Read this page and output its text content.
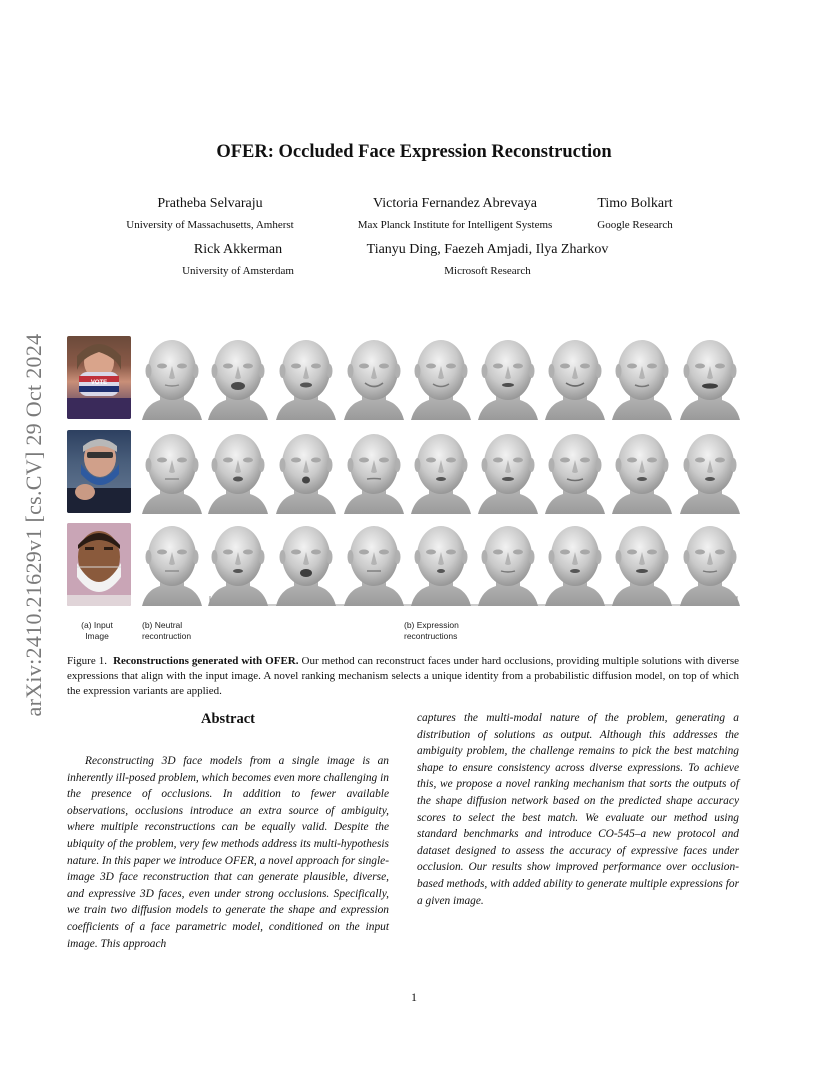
arXiv:2410.21629v1 [cs.CV] 29 Oct 2024
OFER: Occluded Face Expression Reconstruction
Pratheba Selvaraju
University of Massachusetts, Amherst
Victoria Fernandez Abrevaya
Max Planck Institute for Intelligent Systems
Timo Bolkart
Google Research
Rick Akkerman
University of Amsterdam
Tianyu Ding, Faezeh Amjadi, Ilya Zharkov
Microsoft Research
VOTE
(a) Input
Image
(b) Neutral
recontruction
(b) Expression
recontructions
Figure 1. Reconstructions generated with OFER. Our method can reconstruct faces under hard occlusions, providing multiple solutions with diverse expressions that align with the input image. A novel ranking mechanism selects a unique identity from a probabilistic diffusion model, on top of which the expression variants are applied.
Abstract
Reconstructing 3D face models from a single image is an inherently ill-posed problem, which becomes even more challenging in the presence of occlusions. In addition to fewer available observations, occlusions introduce an extra source of ambiguity, where multiple reconstructions can be equally valid. Despite the ubiquity of the problem, very few methods address its multi-hypothesis nature. In this paper we introduce OFER, a novel approach for single-image 3D face reconstruction that can generate plausible, diverse, and expressive 3D faces, even under strong occlusions. Specifically, we train two diffusion models to generate the shape and expression coefficients of a face parametric model, conditioned on the input image. This approach
captures the multi-modal nature of the problem, generating a distribution of solutions as output. Although this addresses the ambiguity problem, the challenge remains to pick the best matching shape to ensure consistency across diverse expressions. To achieve this, we propose a novel ranking mechanism that sorts the outputs of the shape diffusion network based on the predicted shape accuracy scores to select the best match. We evaluate our method using standard benchmarks and introduce CO-545–a new protocol and dataset designed to assess the accuracy of expressive faces under occlusion. Our results show improved performance over occlusion-based methods, with added ability to generate multiple expressions for a given image.
1
